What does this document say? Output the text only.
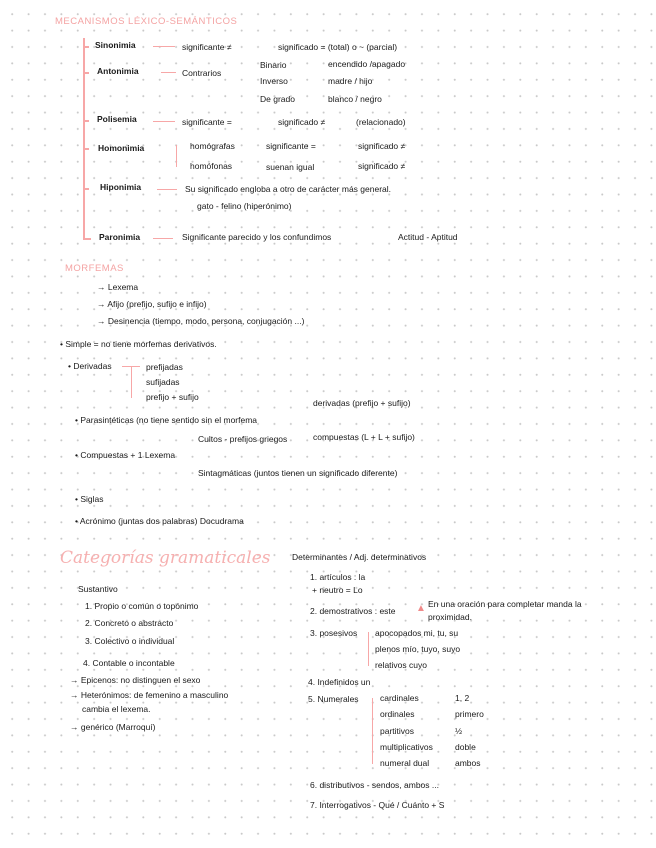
MECANISMOS LÉXICO-SEMÁNTICOS
Sinonimia	significante ≠	significado = (total) o ~ (parcial)
Antonimia	Contrarios
Binario	encendido /apagado
Inverso	madre / hijo
De grado	blanco / negro
Polisemia	significante =	significado ≠	(relacionado)
Homonimia	homógrafas	significante =	significado ≠
homófonas	suenan igual	significado ≠
Hiponimia	Su significado engloba a otro de carácter más general.
gato - felino (hiperónimo)
Paronimia	Significante parecido y los confundimos	Actitud - Aptitud
MORFEMAS
→ Lexema
→ Afijo (prefijo, sufijo e infijo)
→ Desinencia (tiempo, modo, persona, conjugación ...)
• Simple = no tiene morfemas derivativos.
• Derivadas	prefijadas
sufijadas
prefijo + sufijo
• Parasintéticas (no tiene sentido sin el morfema
derivadas (prefijo + sufijo)
compuestas (L + L + sufijo)
• Compuestas + 1 Lexema
Cultos - prefijos griegos
Sintagmáticas (juntos tienen un significado diferente)
• Siglas
• Acrónimo (juntas dos palabras) Docudrama
Categorías gramaticales
Sustantivo
1. Propio o común o topónimo
2. Concreto o abstracto
3. Colectivo o individual
4. Contable o incontable
→ Epicenos: no distinguen el sexo
→ Heterónimos: de femenino a masculino
cambia el lexema.
→ genérico (Marroquí)
Determinantes / Adj. determinativos
1. artículos : la
+ neutro = Lo
2. demostrativos : este ▲ En una oración para completar manda la
proximidad.
3. posesivos apocopados mi, tu, su
plenos mío, tuyo, suyo
relativos cuyo
4. Indefinidos un
5. Numerales	cardinales	1, 2
ordinales	primero
partitivos	½
multiplicativos	doble
numeral dual	ambos
6. distributivos - sendos, ambos ...
7. Interrogativos - Qué / Cuánto + S
